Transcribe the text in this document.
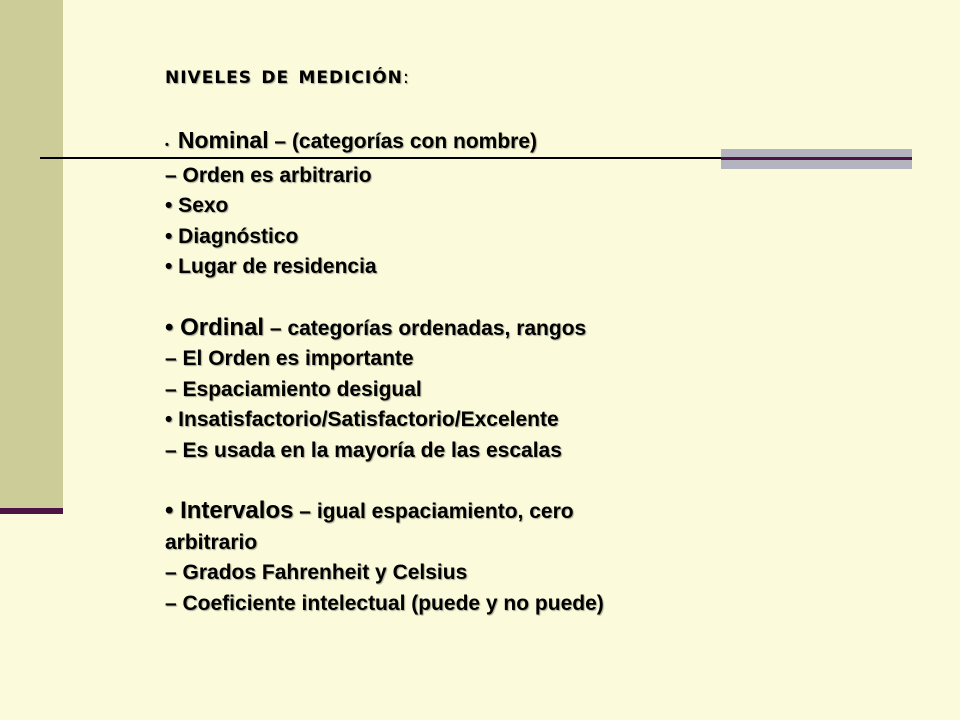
niveles de medición:
• Nominal – (categorías con nombre)
– Orden es arbitrario
• Sexo
• Diagnóstico
• Lugar de residencia
• Ordinal – categorías ordenadas, rangos
– El Orden es importante
– Espaciamiento desigual
• Insatisfactorio/Satisfactorio/Excelente
– Es usada en la mayoría de las escalas
• Intervalos – igual espaciamiento, cero
arbitrario
– Grados Fahrenheit y Celsius
– Coeficiente intelectual (puede y no puede)
